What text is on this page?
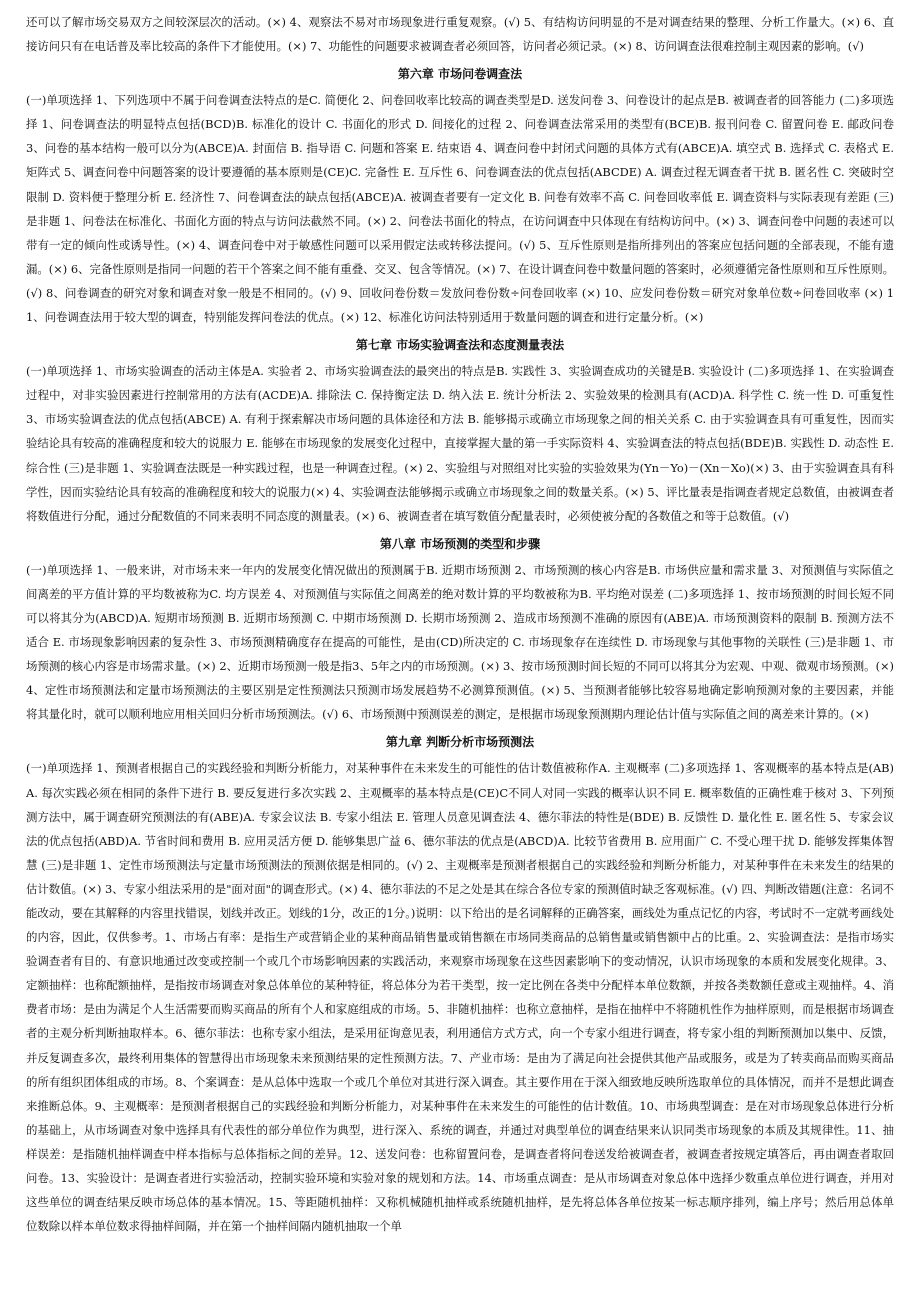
还可以了解市场交易双方之间较深层次的活动。(×) 4、观察法不易对市场现象进行重复观察。(√) 5、有结构访问明显的不是对调查结果的整理、分析工作量大。(×) 6、直接访问只有在电话普及率比较高的条件下才能使用。(×) 7、功能性的问题要求被调查者必须回答，访问者必须记录。(×) 8、访问调查法很难控制主观因素的影响。(√)

第六章 市场问卷调查法

(一)单项选择 1、下列选项中不属于问卷调查法特点的是C. 简便化 2、问卷回收率比较高的调查类型是D. 送发问卷 3、问卷设计的起点是B. 被调查者的回答能力 (二)多项选择 1、问卷调查法的明显特点包括(BCD)B. 标准化的设计 C. 书面化的形式 D. 间接化的过程 2、问卷调查法常采用的类型有(BCE)B. 报刊问卷 C. 留置问卷 E. 邮政问卷 3、问卷的基本结构一般可以分为(ABCE)A. 封面信 B. 指导语 C. 问题和答案 E. 结束语 4、调查问卷中封闭式问题的具体方式有(ABCE)A. 填空式 B. 选择式 C. 表格式 E. 矩阵式 5、调查问卷中问题答案的设计要遵循的基本原则是(CE)C. 完备性 E. 互斥性 6、问卷调查法的优点包括(ABCDE) A. 调查过程无调查者干扰 B. 匿名性 C. 突破时空限制 D. 资料便于整理分析 E. 经济性 7、问卷调查法的缺点包括(ABCE)A. 被调查者要有一定文化 B. 问卷有效率不高 C. 问卷回收率低 E. 调查资料与实际表现有差距 (三)是非题 1、问卷法在标准化、书面化方面的特点与访问法截然不同。(×) 2、问卷法书面化的特点，在访问调查中只体现在有结构访问中。(×) 3、调查问卷中问题的表述可以带有一定的倾向性或诱导性。(×) 4、调查问卷中对于敏感性问题可以采用假定法或转移法提问。(√) 5、互斥性原则是指所排列出的答案应包括问题的全部表现，不能有遗漏。(×) 6、完备性原则是指同一问题的若干个答案之间不能有重叠、交叉、包含等情况。(×) 7、在设计调查问卷中数量问题的答案时，必须遵循完备性原则和互斥性原则。(√) 8、问卷调查的研究对象和调查对象一般是不相同的。(√) 9、回收问卷份数＝发放问卷份数÷问卷回收率 (×) 10、应发问卷份数＝研究对象单位数÷问卷回收率 (×) 11、问卷调查法用于较大型的调查，特别能发挥问卷法的优点。(×) 12、标准化访问法特别适用于数量问题的调查和进行定量分析。(×)

第七章 市场实验调查法和态度测量表法

(一)单项选择 1、市场实验调查的活动主体是A. 实验者 2、市场实验调查法的最突出的特点是B. 实践性 3、实验调查成功的关键是B. 实验设计 (二)多项选择 1、在实验调查过程中，对非实验因素进行控制常用的方法有(ACDE)A. 排除法 C. 保持衡定法 D. 纳入法 E. 统计分析法 2、实验效果的检测具有(ACD)A. 科学性 C. 统一性 D. 可重复性 3、市场实验调查法的优点包括(ABCE) A. 有利于探索解决市场问题的具体途径和方法 B. 能够揭示或确立市场现象之间的相关关系 C. 由于实验调查具有可重复性，因而实验结论具有较高的准确程度和较大的说服力 E. 能够在市场现象的发展变化过程中，直接掌握大量的第一手实际资料 4、实验调查法的特点包括(BDE)B. 实践性 D. 动态性 E. 综合性 (三)是非题 1、实验调查法既是一种实践过程，也是一种调查过程。(×) 2、实验组与对照组对比实验的实验效果为(Yn－Yo)－(Xn－Xo)(×) 3、由于实验调查具有科学性，因而实验结论具有较高的准确程度和较大的说服力(×) 4、实验调查法能够揭示或确立市场现象之间的数量关系。(×) 5、评比量表是指调查者规定总数值，由被调查者将数值进行分配，通过分配数值的不同来表明不同态度的测量表。(×) 6、被调查者在填写数值分配量表时，必须使被分配的各数值之和等于总数值。(√)

第八章 市场预测的类型和步骤

(一)单项选择 1、一般来讲，对市场未来一年内的发展变化情况做出的预测属于B. 近期市场预测 2、市场预测的核心内容是B. 市场供应量和需求量 3、对预测值与实际值之间离差的平方值计算的平均数被称为C. 均方误差 4、对预测值与实际值之间离差的绝对数计算的平均数被称为B. 平均绝对误差 (二)多项选择 1、按市场预测的时间长短不同可以将其分为(ABCD)A. 短期市场预测 B. 近期市场预测 C. 中期市场预测 D. 长期市场预测 2、造成市场预测不准确的原因有(ABE)A. 市场预测资料的限制 B. 预测方法不适合 E. 市场现象影响因素的复杂性 3、市场预测精确度存在提高的可能性，是由(CD)所决定的 C. 市场现象存在连续性 D. 市场现象与其他事物的关联性 (三)是非题 1、市场预测的核心内容是市场需求量。(×) 2、近期市场预测一般是指3、5年之内的市场预测。(×) 3、按市场预测时间长短的不同可以将其分为宏观、中观、微观市场预测。(×) 4、定性市场预测法和定量市场预测法的主要区别是定性预测法只预测市场发展趋势不必测算预测值。(×) 5、当预测者能够比较容易地确定影响预测对象的主要因素，并能将其量化时，就可以顺利地应用相关回归分析市场预测法。(√) 6、市场预测中预测误差的测定，是根据市场现象预测期内理论估计值与实际值之间的离差来计算的。(×)

第九章 判断分析市场预测法

(一)单项选择 1、预测者根据自己的实践经验和判断分析能力，对某种事件在未来发生的可能性的估计数值被称作A. 主观概率 (二)多项选择 1、客观概率的基本特点是(AB)A. 每次实践必须在相同的条件下进行 B. 要反复进行多次实践 2、主观概率的基本特点是(CE)C不同人对同一实践的概率认识不同 E. 概率数值的正确性难于核对 3、下列预测方法中，属于调查研究预测法的有(ABE)A. 专家会议法 B. 专家小组法 E. 管理人员意见调查法 4、德尔菲法的特性是(BDE) B. 反馈性 D. 量化性 E. 匿名性 5、专家会议法的优点包括(ABD)A. 节省时间和费用 B. 应用灵活方便 D. 能够集思广益 6、德尔菲法的优点是(ABCD)A. 比较节省费用 B. 应用面广 C. 不受心理干扰 D. 能够发挥集体智慧 (三)是非题 1、定性市场预测法与定量市场预测法的预测依据是相同的。(√) 2、主观概率是预测者根据自己的实践经验和判断分析能力，对某种事件在未来发生的结果的估计数值。(×) 3、专家小组法采用的是"面对面"的调查形式。(×) 4、德尔菲法的不足之处是其在综合各位专家的预测值时缺乏客观标准。(√) 四、判断改错题(注意：名词不能改动，要在其解释的内容里找错误，划线并改正。划线的1分，改正的1分。)说明：以下给出的是名词解释的正确答案，画线处为重点记忆的内容，考试时不一定就考画线处的内容，因此，仅供参考。1、市场占有率：是指生产或营销企业的某种商品销售量或销售额在市场同类商品的总销售量或销售额中占的比重。2、实验调查法：是指市场实验调查者有目的、有意识地通过改变或控制一个或几个市场影响因素的实践活动，来观察市场现象在这些因素影响下的变动情况，认识市场现象的本质和发展变化规律。3、定额抽样：也称配额抽样，是指按市场调查对象总体单位的某种特征，将总体分为若干类型，按一定比例在各类中分配样本单位数额，并按各类数额任意或主观抽样。4、消费者市场：是由为满足个人生活需要而购买商品的所有个人和家庭组成的市场。5、非随机抽样：也称立意抽样，是指在抽样中不将随机性作为抽样原则，而是根据市场调查者的主观分析判断抽取样本。6、德尔菲法：也称专家小组法，是采用征询意见表，利用通信方式方式，向一个专家小组进行调查，将专家小组的判断预测加以集中、反馈，并反复调查多次，最终利用集体的智慧得出市场现象未来预测结果的定性预测方法。7、产业市场：是由为了满足向社会提供其他产品或服务，或是为了转卖商品而购买商品的所有组织团体组成的市场。8、个案调查：是从总体中选取一个或几个单位对其进行深入调查。其主要作用在于深入细致地反映所选取单位的具体情况，而并不是想此调查来推断总体。9、主观概率：是预测者根据自己的实践经验和判断分析能力，对某种事件在未来发生的可能性的估计数值。10、市场典型调查：是在对市场现象总体进行分析的基础上，从市场调查对象中选择具有代表性的部分单位作为典型，进行深入、系统的调查，并通过对典型单位的调查结果来认识同类市场现象的本质及其规律性。11、抽样误差：是指随机抽样调查中样本指标与总体指标之间的差异。12、送发问卷：也称留置问卷，是调查者将问卷送发给被调查者，被调查者按规定填答后，再由调查者取回问卷。13、实验设计：是调查者进行实验活动，控制实验环境和实验对象的规划和方法。14、市场重点调查：是从市场调查对象总体中选择少数重点单位进行调查，并用对这些单位的调查结果反映市场总体的基本情况。15、等距随机抽样：又称机械随机抽样或系统随机抽样，是先将总体各单位按某一标志顺序排列，编上序号；然后用总体单位数除以样本单位数求得抽样间隔，并在第一个抽样间隔内随机抽取一个单
